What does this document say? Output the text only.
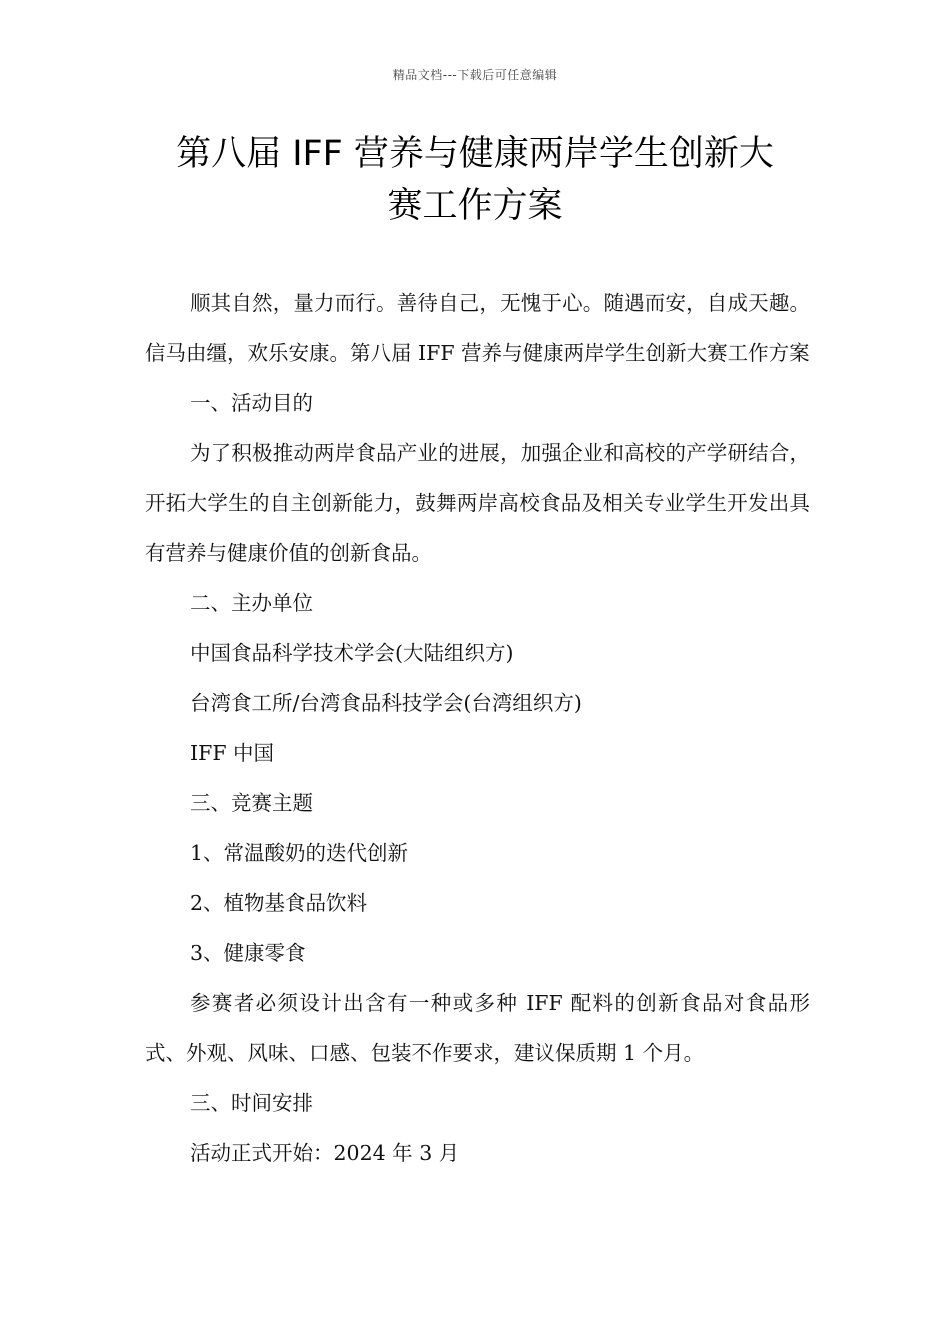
精品文档---下载后可任意编辑
第八届 IFF 营养与健康两岸学生创新大
赛工作方案

顺其自然，量力而行。善待自己，无愧于心。随遇而安，自成天趣。信马由缰，欢乐安康。第八届 IFF 营养与健康两岸学生创新大赛工作方案

一、活动目的

为了积极推动两岸食品产业的进展，加强企业和高校的产学研结合，开拓大学生的自主创新能力，鼓舞两岸高校食品及相关专业学生开发出具有营养与健康价值的创新食品。

二、主办单位

中国食品科学技术学会(大陆组织方)

台湾食工所/台湾食品科技学会(台湾组织方)

IFF 中国

三、竞赛主题

1、常温酸奶的迭代创新

2、植物基食品饮料

3、健康零食

参赛者必须设计出含有一种或多种 IFF 配料的创新食品对食品形式、外观、风味、口感、包装不作要求，建议保质期 1 个月。

三、时间安排

活动正式开始：2024 年 3 月
